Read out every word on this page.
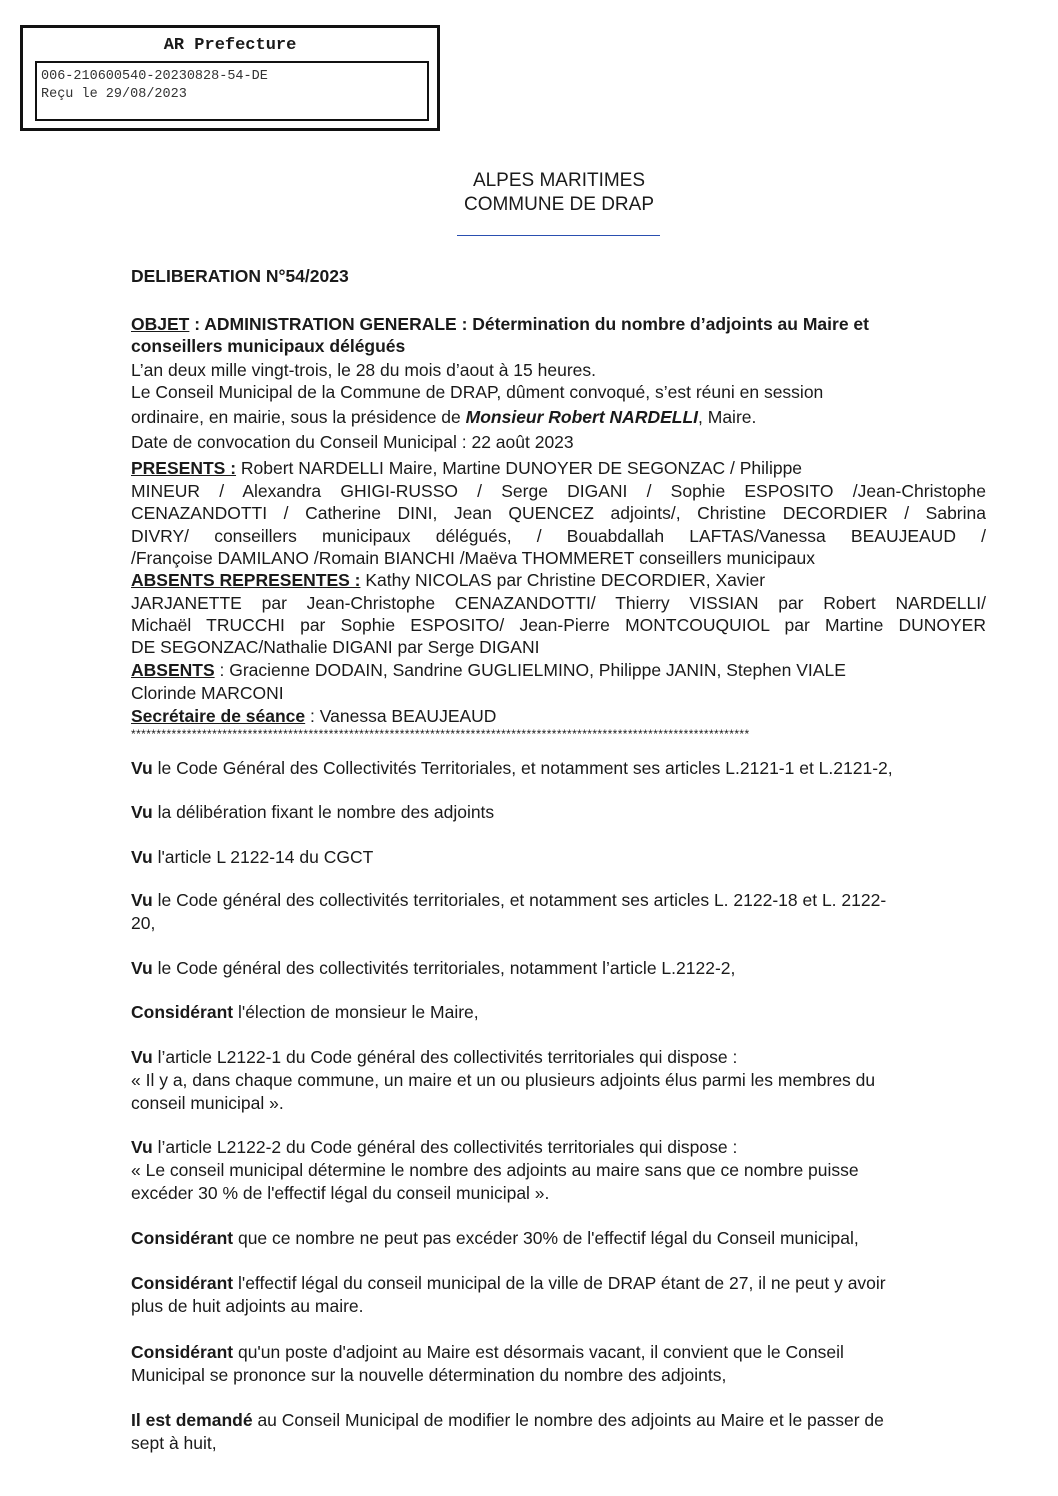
AR Prefecture
006-210600540-20230828-54-DE
Reçu le 29/08/2023
ALPES MARITIMES
COMMUNE DE DRAP
DELIBERATION N°54/2023
OBJET : ADMINISTRATION GENERALE : Détermination du nombre d’adjoints au Maire et
conseillers municipaux délégués
L’an deux mille vingt-trois, le 28 du mois d’aout à 15 heures.
Le Conseil Municipal de la Commune de DRAP, dûment convoqué, s’est réuni en session
ordinaire, en mairie, sous la présidence de Monsieur Robert NARDELLI, Maire.
Date de convocation du Conseil Municipal : 22 août 2023
PRESENTS : Robert NARDELLI Maire, Martine DUNOYER DE SEGONZAC / Philippe
MINEUR / Alexandra GHIGI-RUSSO / Serge DIGANI / Sophie ESPOSITO /Jean-Christophe
CENAZANDOTTI / Catherine DINI, Jean QUENCEZ adjoints/, Christine DECORDIER / Sabrina
DIVRY/ conseillers municipaux délégués, / Bouabdallah LAFTAS/Vanessa BEAUJEAUD /
/Françoise DAMILANO /Romain BIANCHI /Maëva THOMMERET conseillers municipaux
ABSENTS REPRESENTES : Kathy NICOLAS par Christine DECORDIER, Xavier
JARJANETTE par Jean-Christophe CENAZANDOTTI/ Thierry VISSIAN par Robert NARDELLI/
Michaël TRUCCHI par Sophie ESPOSITO/ Jean-Pierre MONTCOUQUIOL par Martine DUNOYER
DE SEGONZAC/Nathalie DIGANI par Serge DIGANI
ABSENTS : Gracienne DODAIN, Sandrine GUGLIELMINO, Philippe JANIN, Stephen VIALE
Clorinde MARCONI
Secrétaire de séance : Vanessa BEAUJEAUD
**************************************************************************************************************************
Vu le Code Général des Collectivités Territoriales, et notamment ses articles L.2121-1 et L.2121-2,
Vu la délibération fixant le nombre des adjoints
Vu l'article L 2122-14 du CGCT
Vu le Code général des collectivités territoriales, et notamment ses articles L. 2122-18 et L. 2122-
20,
Vu le Code général des collectivités territoriales, notamment l’article L.2122-2,
Considérant l'élection de monsieur le Maire,
Vu l’article L2122-1 du Code général des collectivités territoriales qui dispose :
« Il y a, dans chaque commune, un maire et un ou plusieurs adjoints élus parmi les membres du
conseil municipal ».
Vu l’article L2122-2 du Code général des collectivités territoriales qui dispose :
« Le conseil municipal détermine le nombre des adjoints au maire sans que ce nombre puisse
excéder 30 % de l'effectif légal du conseil municipal ».
Considérant que ce nombre ne peut pas excéder 30% de l'effectif légal du Conseil municipal,
Considérant l'effectif légal du conseil municipal de la ville de DRAP étant de 27, il ne peut y avoir
plus de huit adjoints au maire.
Considérant qu'un poste d'adjoint au Maire est désormais vacant, il convient que le Conseil
Municipal se prononce sur la nouvelle détermination du nombre des adjoints,
Il est demandé au Conseil Municipal de modifier le nombre des adjoints au Maire et le passer de
sept à huit,
